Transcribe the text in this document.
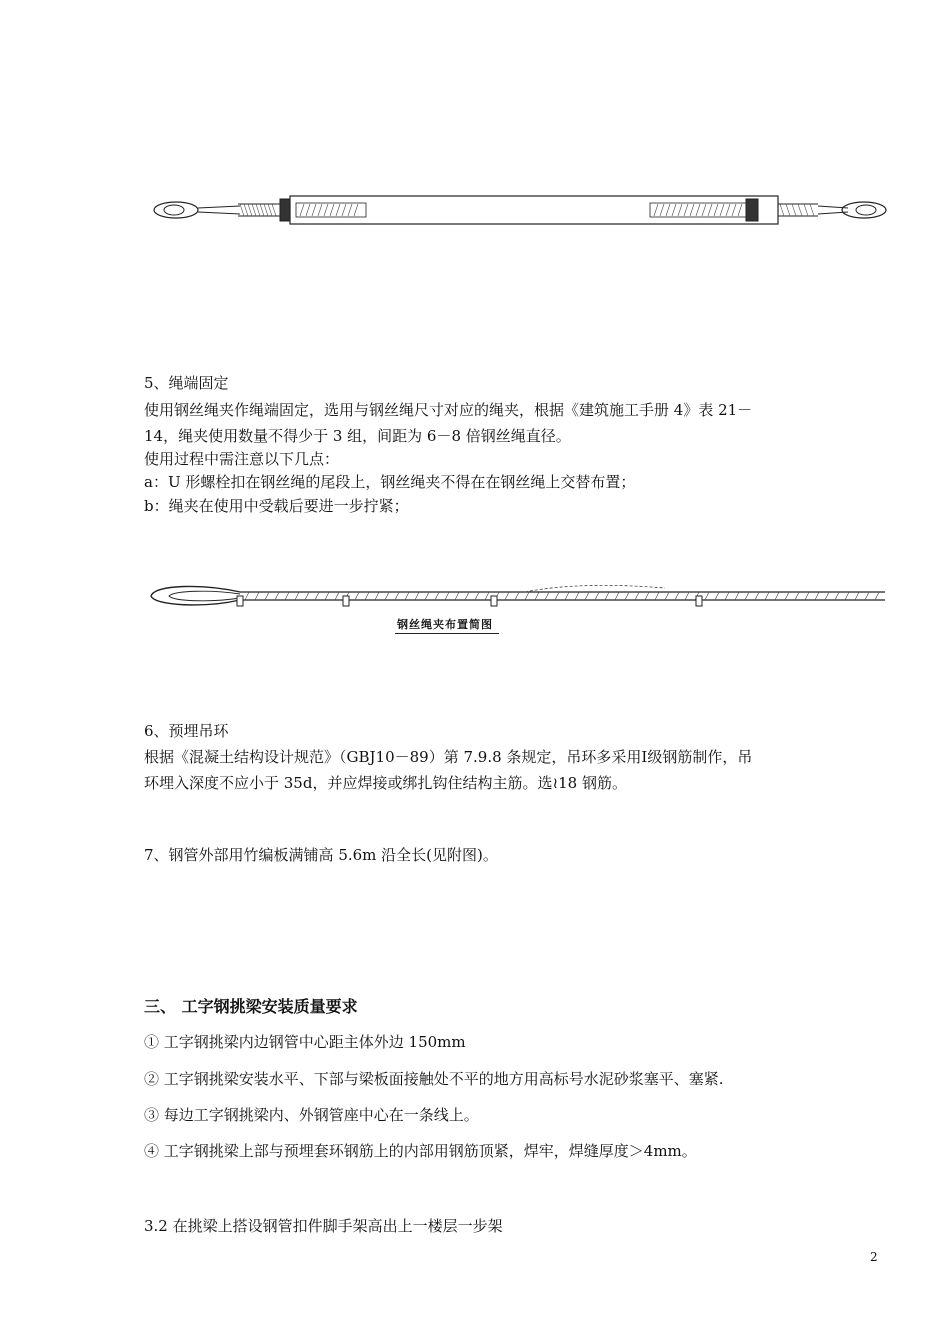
5、绳端固定
使用钢丝绳夹作绳端固定，选用与钢丝绳尺寸对应的绳夹，根据《建筑施工手册 4》表 21－
14，绳夹使用数量不得少于 3 组，间距为 6－8 倍钢丝绳直径。
使用过程中需注意以下几点：
a：U 形螺栓扣在钢丝绳的尾段上，钢丝绳夹不得在在钢丝绳上交替布置；
b：绳夹在使用中受载后要进一步拧紧；
钢丝绳夹布置简图
6、预埋吊环
根据《混凝土结构设计规范》（GBJ10－89）第 7.9.8 条规定，吊环多采用Ⅰ级钢筋制作，吊
环埋入深度不应小于 35d，并应焊接或绑扎钩住结构主筋。选≀18 钢筋。
7、钢管外部用竹编板满铺高 5.6m 沿全长(见附图)。
三、 工字钢挑梁安装质量要求
① 工字钢挑梁内边钢管中心距主体外边 150mm
② 工字钢挑梁安装水平、下部与梁板面接触处不平的地方用高标号水泥砂浆塞平、塞紧.
③ 每边工字钢挑梁内、外钢管座中心在一条线上。
④ 工字钢挑梁上部与预埋套环钢筋上的内部用钢筋顶紧，焊牢，焊缝厚度＞4mm。
3.2 在挑梁上搭设钢管扣件脚手架高出上一楼层一步架
2
